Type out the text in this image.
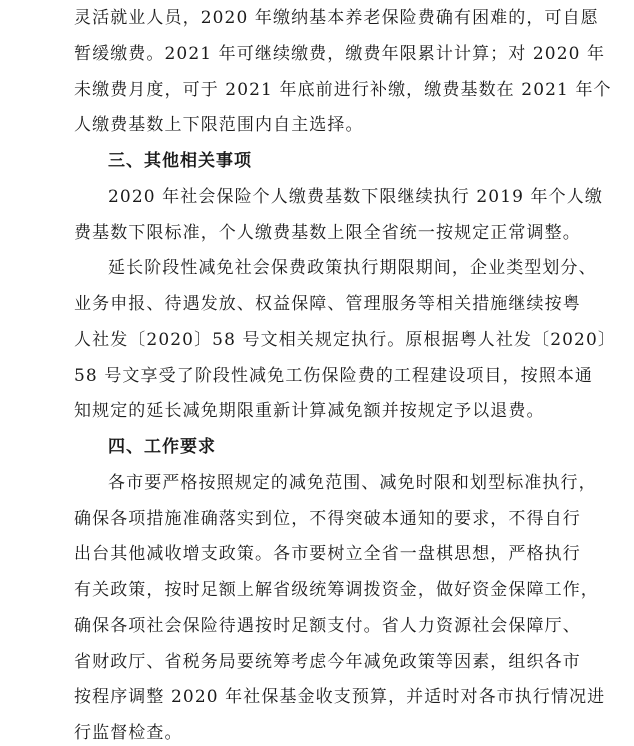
灵活就业人员，2020 年缴纳基本养老保险费确有困难的，可自愿
暂缓缴费。2021 年可继续缴费，缴费年限累计计算；对 2020 年
未缴费月度，可于 2021 年底前进行补缴，缴费基数在 2021 年个
人缴费基数上下限范围内自主选择。
三、其他相关事项
2020 年社会保险个人缴费基数下限继续执行 2019 年个人缴
费基数下限标准，个人缴费基数上限全省统一按规定正常调整。
延长阶段性减免社会保费政策执行期限期间，企业类型划分、
业务申报、待遇发放、权益保障、管理服务等相关措施继续按粤
人社发〔2020〕58 号文相关规定执行。原根据粤人社发〔2020〕
58 号文享受了阶段性减免工伤保险费的工程建设项目，按照本通
知规定的延长减免期限重新计算减免额并按规定予以退费。
四、工作要求
各市要严格按照规定的减免范围、减免时限和划型标准执行，
确保各项措施准确落实到位，不得突破本通知的要求，不得自行
出台其他减收增支政策。各市要树立全省一盘棋思想，严格执行
有关政策，按时足额上解省级统筹调拨资金，做好资金保障工作，
确保各项社会保险待遇按时足额支付。省人力资源社会保障厅、
省财政厅、省税务局要统筹考虑今年减免政策等因素，组织各市
按程序调整 2020 年社保基金收支预算，并适时对各市执行情况进
行监督检查。
